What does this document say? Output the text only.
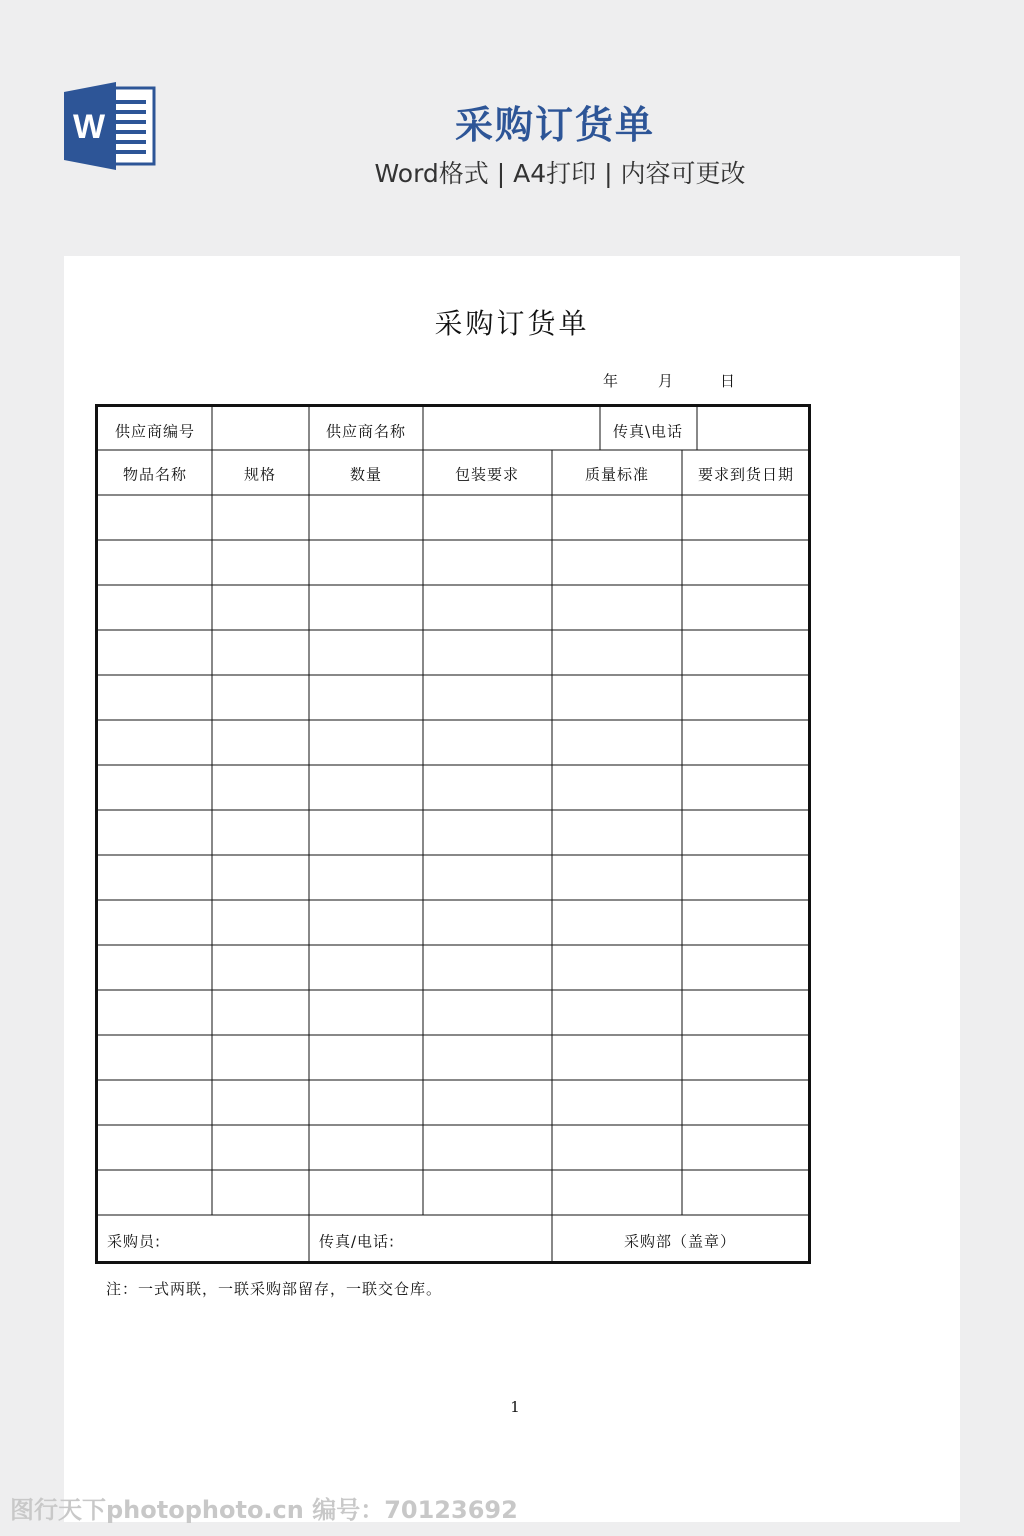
W	采购订货单
Word格式 | A4打印 | 内容可更改
采购订货单
年	月	日
供应商编号	供应商名称	传真\电话
物品名称	规格	数量	包装要求	质量标准	要求到货日期
采购员:	传真/电话:	采购部（盖章）
注：一式两联，一联采购部留存，一联交仓库。
1
图行天下photophoto.cn 编号：70123692
